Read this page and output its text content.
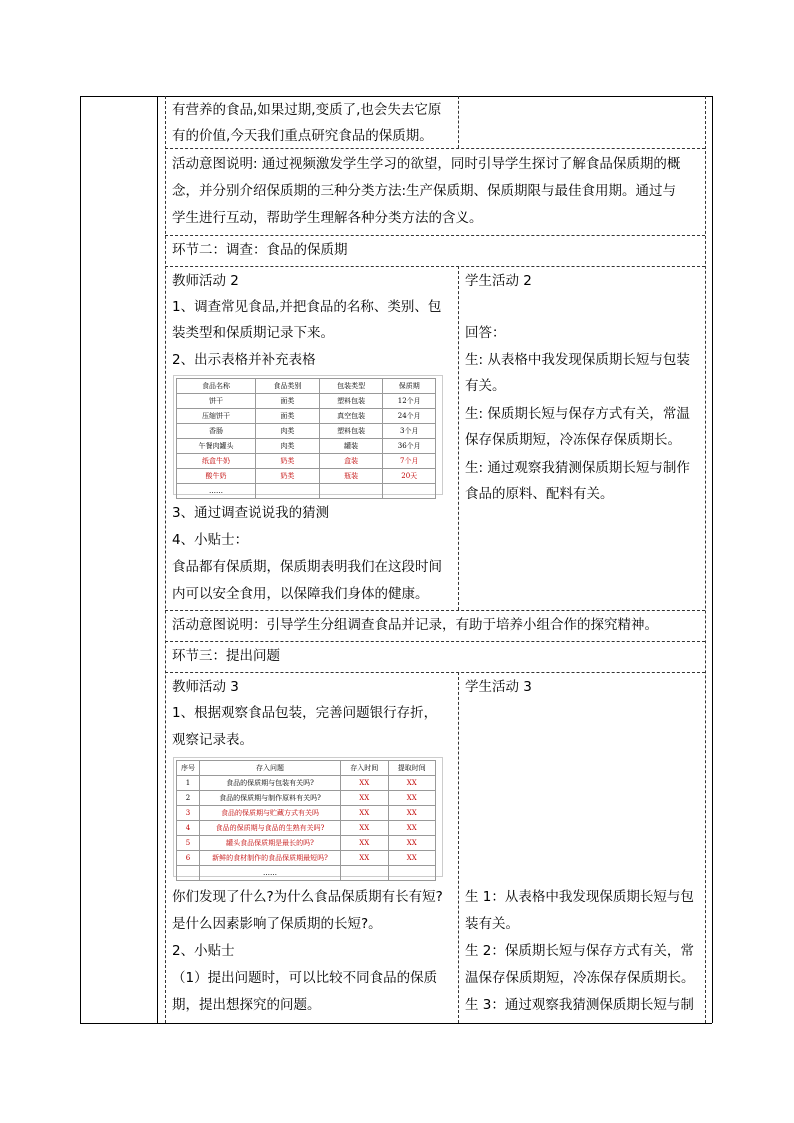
有营养的食品,如果过期,变质了,也会失去它原
有的价值,今天我们重点研究食品的保质期。
活动意图说明: 通过视频激发学生学习的欲望，同时引导学生探讨了解食品保质期的概
念，并分别介绍保质期的三种分类方法:生产保质期、保质期限与最佳食用期。通过与
学生进行互动，帮助学生理解各种分类方法的含义。
环节二：调查：食品的保质期
教师活动 2
1、调查常见食品,并把食品的名称、类别、包
装类型和保质期记录下来。
2、出示表格并补充表格
食品名称	食品类别	包装类型	保质期
饼干	面类	塑料包装	12个月
压缩饼干	面类	真空包装	24个月
香肠	肉类	塑料包装	3个月
午餐肉罐头	肉类	罐装	36个月
纸盒牛奶	奶类	盒装	7个月
酸牛奶	奶类	瓶装	20天
……			
3、通过调查说说我的猜测
4、小贴士：
食品都有保质期，保质期表明我们在这段时间
内可以安全食用，以保障我们身体的健康。
学生活动 2
回答：
生: 从表格中我发现保质期长短与包装
有关。
生: 保质期长短与保存方式有关，常温
保存保质期短，冷冻保存保质期长。
生: 通过观察我猜测保质期长短与制作
食品的原料、配料有关。
活动意图说明：引导学生分组调查食品并记录，有助于培养小组合作的探究精神。
环节三：提出问题
教师活动 3
1、根据观察食品包装，完善问题银行存折，
观察记录表。
序号	存入问题	存入时间	提取时间
1	食品的保质期与包装有关吗?	XX	XX
2	食品的保质期与制作原料有关吗?	XX	XX
3	食品的保质期与贮藏方式有关吗	XX	XX
4	食品的保质期与食品的生熟有关吗?	XX	XX
5	罐头食品保质期是最长的吗?	XX	XX
6	新鲜的食材制作的食品保质期最短吗?	XX	XX
	……		
你们发现了什么?为什么食品保质期有长有短?
是什么因素影响了保质期的长短?。
2、小贴士
（1）提出问题时，可以比较不同食品的保质
期，提出想探究的问题。
学生活动 3
生 1：从表格中我发现保质期长短与包
装有关。
生 2：保质期长短与保存方式有关，常
温保存保质期短，冷冻保存保质期长。
生 3：通过观察我猜测保质期长短与制
